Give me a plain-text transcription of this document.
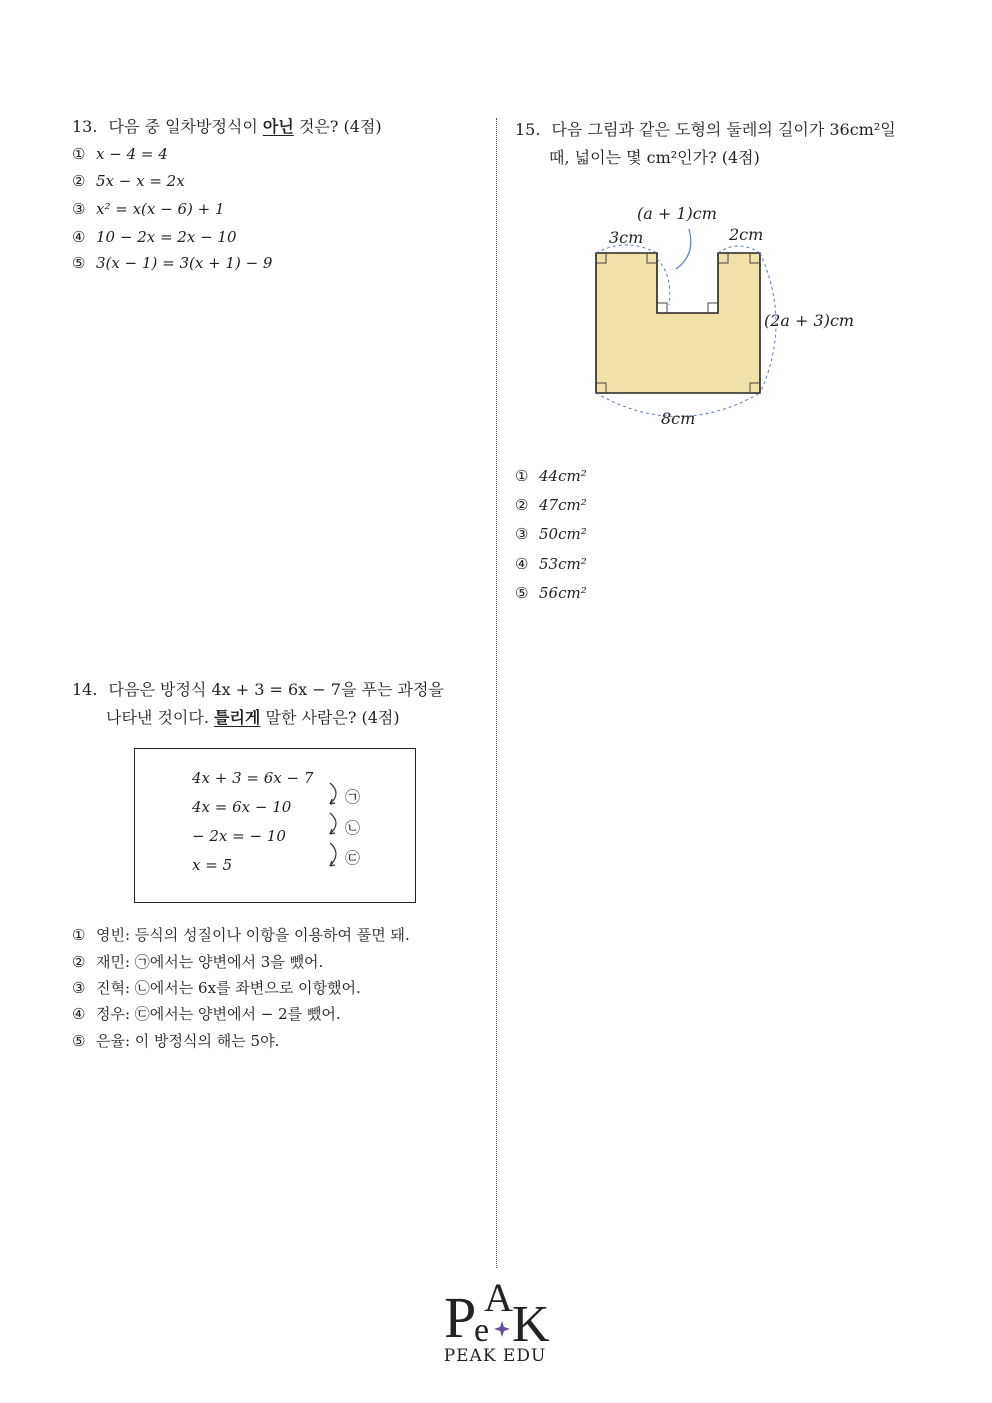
13. 다음 중 일차방정식이 아닌 것은? (4점)
① x − 4 = 4
② 5x − x = 2x
③ x² = x(x − 6) + 1
④ 10 − 2x = 2x − 10
⑤ 3(x − 1) = 3(x + 1) − 9
14. 다음은 방정식 4x + 3 = 6x − 7을 푸는 과정을
나타낸 것이다. 틀리게 말한 사람은? (4점)
4x + 3 = 6x − 7
4x = 6x − 10
− 2x = − 10
x = 5
㉠
㉡
㉢
① 영빈: 등식의 성질이나 이항을 이용하여 풀면 돼.
② 재민: ㉠에서는 양변에서 3을 뺐어.
③ 진혁: ㉡에서는 6x를 좌변으로 이항했어.
④ 정우: ㉢에서는 양변에서 − 2를 뺐어.
⑤ 은율: 이 방정식의 해는 5야.
15. 다음 그림과 같은 도형의 둘레의 길이가 36cm²일
때, 넓이는 몇 cm²인가? (4점)
(a + 1)cm
3cm	2cm
(2a + 3)cm
8cm
① 44cm²
② 47cm²
③ 50cm²
④ 53cm²
⑤ 56cm²
P
e
A K
PEAK EDU
